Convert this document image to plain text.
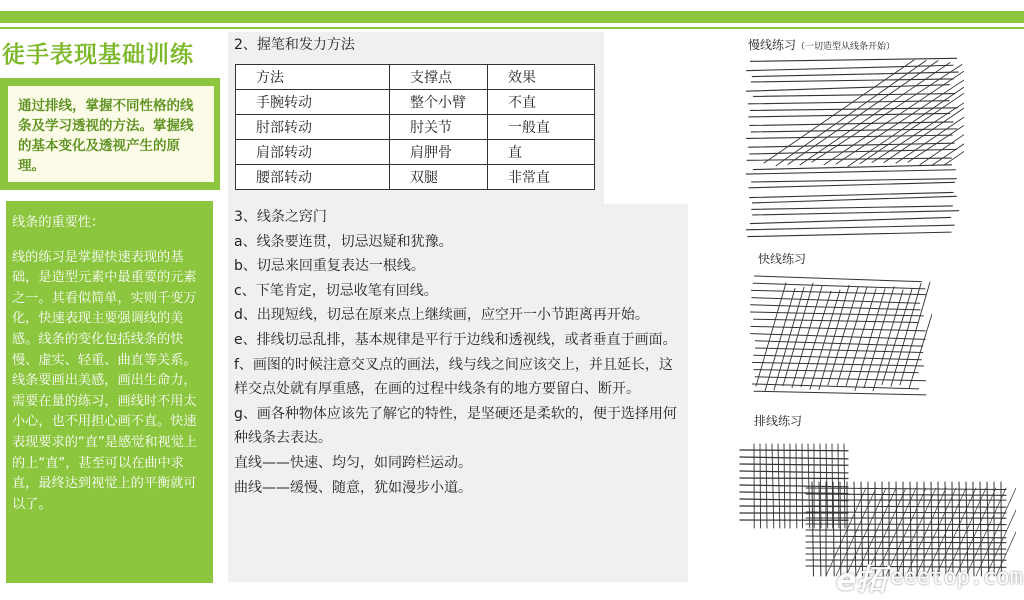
徒手表现基础训练
通过排线，掌握不同性格的线条及学习透视的方法。掌握线的基本变化及透视产生的原理。
线条的重要性：
线的练习是掌握快速表现的基础，是造型元素中最重要的元素之一。其看似简单，实则千变万化，快速表现主要强调线的美感。线条的变化包括线条的快慢、虚实、轻重、曲直等关系。线条要画出美感，画出生命力，需要在量的练习，画线时不用太小心，也不用担心画不直。快速表现要求的“直”是感觉和视觉上的上“直”，甚至可以在曲中求直，最终达到视觉上的平衡就可以了。
2、握笔和发力方法
方法	支撑点	效果
手腕转动	整个小臂	不直
肘部转动	肘关节	一般直
肩部转动	肩胛骨	直
腰部转动	双腿	非常直

3、线条之窍门

a、线条要连贯，切忌迟疑和犹豫。

b、切忌来回重复表达一根线。

c、下笔肯定，切忌收笔有回线。

d、出现短线，切忌在原来点上继续画，应空开一小节距离再开始。

e、排线切忌乱排，基本规律是平行于边线和透视线，或者垂直于画面。

f、画图的时候注意交叉点的画法，线与线之间应该交上，并且延长，这样交点处就有厚重感，在画的过程中线条有的地方要留白、断开。

g、画各种物体应该先了解它的特性，是坚硬还是柔软的，便于选择用何种线条去表达。

直线——快速、均匀，如同跨栏运动。

曲线——缓慢、随意，犹如漫步小道。

慢线练习（一切造型从线条开始）
快线练习
排线练习
e拓 eeetop.com
